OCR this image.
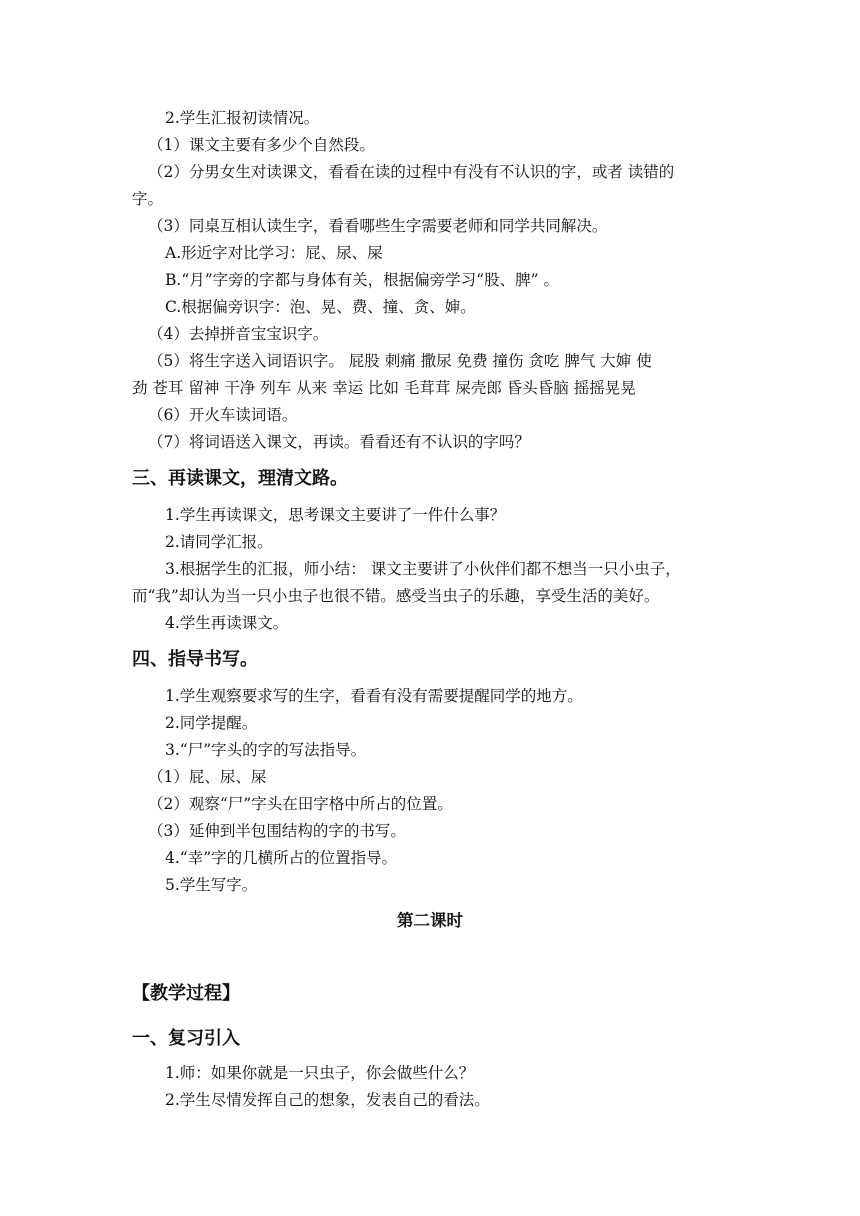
2.学生汇报初读情况。
（1）课文主要有多少个自然段。
（2）分男女生对读课文，看看在读的过程中有没有不认识的字，或者 读错的
字。
（3）同桌互相认读生字，看看哪些生字需要老师和同学共同解决。
A.形近字对比学习：屁、尿、屎
B.“月”字旁的字都与身体有关，根据偏旁学习“股、脾” 。
C.根据偏旁识字：泡、晃、费、撞、贪、婶。
（4）去掉拼音宝宝识字。
（5）将生字送入词语识字。 屁股 刺痛 撒尿 免费 撞伤 贪吃 脾气 大婶 使
劲 苍耳 留神 干净 列车 从来 幸运 比如 毛茸茸 屎壳郎 昏头昏脑 摇摇晃晃
（6）开火车读词语。
（7）将词语送入课文，再读。看看还有不认识的字吗？
三、再读课文，理清文路。
1.学生再读课文，思考课文主要讲了一件什么事？
2.请同学汇报。
3.根据学生的汇报，师小结： 课文主要讲了小伙伴们都不想当一只小虫子，
而“我”却认为当一只小虫子也很不错。感受当虫子的乐趣，享受生活的美好。
4.学生再读课文。
四、指导书写。
1.学生观察要求写的生字，看看有没有需要提醒同学的地方。
2.同学提醒。
3.“尸”字头的字的写法指导。
（1）屁、尿、屎
（2）观察“尸”字头在田字格中所占的位置。
（3）延伸到半包围结构的字的书写。
4.“幸”字的几横所占的位置指导。
5.学生写字。
第二课时
【教学过程】
一、复习引入
1.师：如果你就是一只虫子，你会做些什么？
2.学生尽情发挥自己的想象，发表自己的看法。
